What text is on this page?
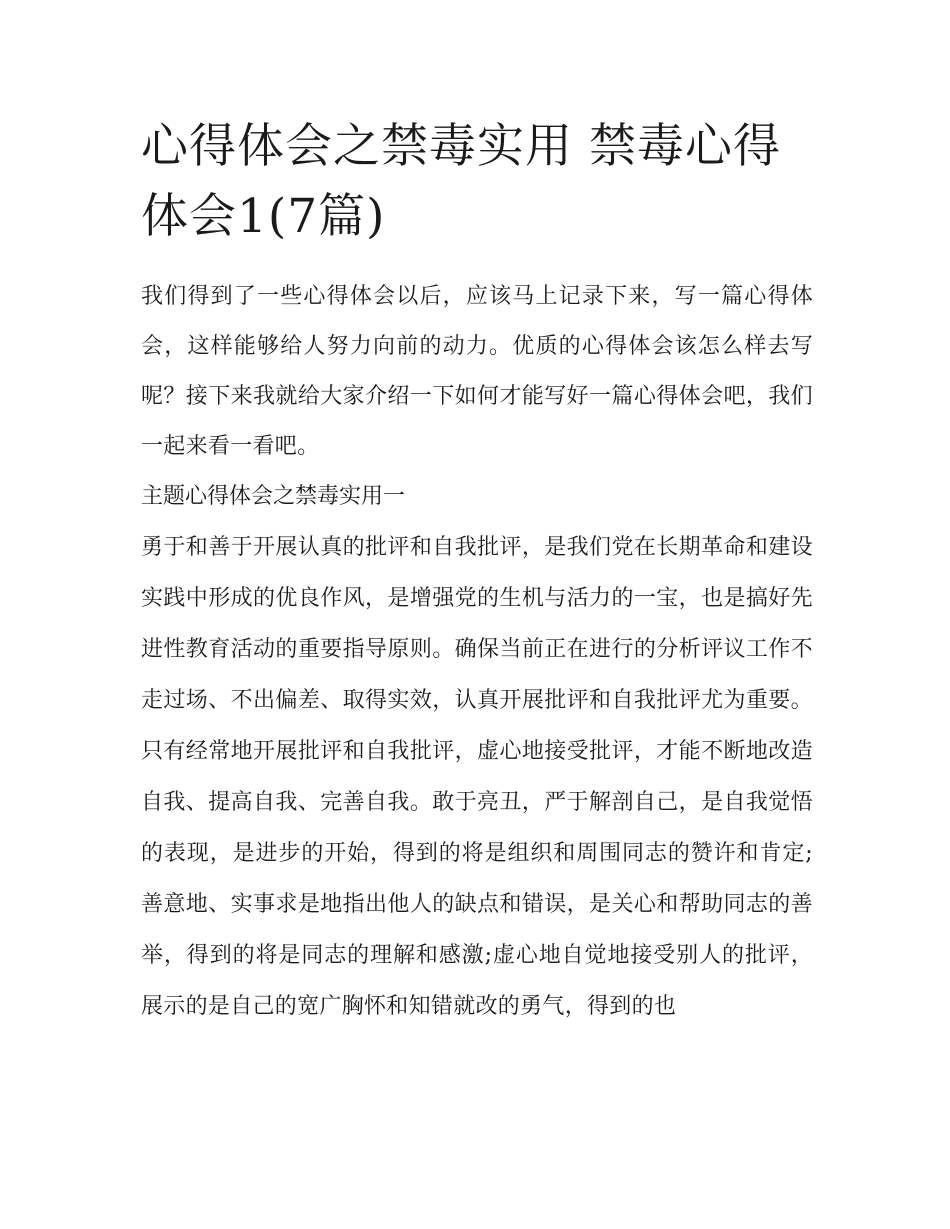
心得体会之禁毒实用 禁毒心得体会1(7篇)

我们得到了一些心得体会以后，应该马上记录下来，写一篇心得体会，这样能够给人努力向前的动力。优质的心得体会该怎么样去写呢？接下来我就给大家介绍一下如何才能写好一篇心得体会吧，我们一起来看一看吧。

主题心得体会之禁毒实用一

勇于和善于开展认真的批评和自我批评，是我们党在长期革命和建设实践中形成的优良作风，是增强党的生机与活力的一宝，也是搞好先进性教育活动的重要指导原则。确保当前正在进行的分析评议工作不走过场、不出偏差、取得实效，认真开展批评和自我批评尤为重要。只有经常地开展批评和自我批评，虚心地接受批评，才能不断地改造自我、提高自我、完善自我。敢于亮丑，严于解剖自己，是自我觉悟的表现，是进步的开始，得到的将是组织和周围同志的赞许和肯定;善意地、实事求是地指出他人的缺点和错误，是关心和帮助同志的善举，得到的将是同志的理解和感激;虚心地自觉地接受别人的批评，展示的是自己的宽广胸怀和知错就改的勇气，得到的也
